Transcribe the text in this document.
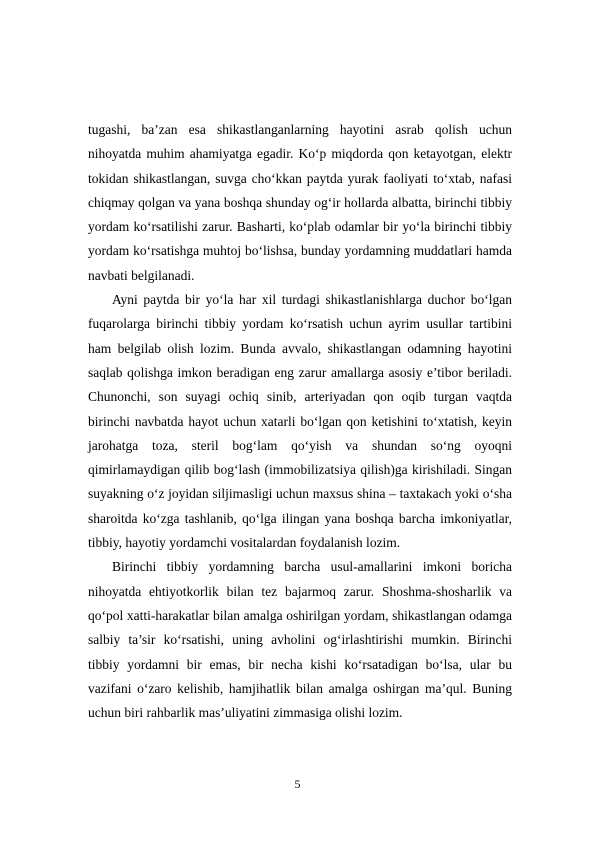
tugashi, ba’zan esa shikastlanganlarning hayotini asrab qolish uchun nihoyatda muhim ahamiyatga egadir. Ko‘p miqdorda qon ketayotgan, elektr tokidan shikastlangan, suvga cho‘kkan paytda yurak faoliyati to‘xtab, nafasi chiqmay qolgan va yana boshqa shunday og‘ir hollarda albatta, birinchi tibbiy yordam ko‘rsatilishi zarur. Basharti, ko‘plab odamlar bir yo‘la birinchi tibbiy yordam ko‘rsatishga muhtoj bo‘lishsa, bunday yordamning muddatlari hamda navbati belgilanadi.

Ayni paytda bir yo‘la har xil turdagi shikastlanishlarga duchor bo‘lgan fuqarolarga birinchi tibbiy yordam ko‘rsatish uchun ayrim usullar tartibini ham belgilab olish lozim. Bunda avvalo, shikastlangan odamning hayotini saqlab qolishga imkon beradigan eng zarur amallarga asosiy e’tibor beriladi. Chunonchi, son suyagi ochiq sinib, arteriyadan qon oqib turgan vaqtda birinchi navbatda hayot uchun xatarli bo‘lgan qon ketishini to‘xtatish, keyin jarohatga toza, steril bog‘lam qo‘yish va shundan so‘ng oyoqni qimirlamaydigan qilib bog‘lash (immobilizatsiya qilish)ga kirishiladi. Singan suyakning o‘z joyidan siljimasligi uchun maxsus shina – taxtakach yoki o‘sha sharoitda ko‘zga tashlanib, qo‘lga ilingan yana boshqa barcha imkoniyatlar, tibbiy, hayotiy yordamchi vositalardan foydalanish lozim.

Birinchi tibbiy yordamning barcha usul-amallarini imkoni boricha nihoyatda ehtiyotkorlik bilan tez bajarmoq zarur. Shoshma-shosharlik va qo‘pol xatti-harakatlar bilan amalga oshirilgan yordam, shikastlangan odamga salbiy ta’sir ko‘rsatishi, uning avholini og‘irlashtirishi mumkin. Birinchi tibbiy yordamni bir emas, bir necha kishi ko‘rsatadigan bo‘lsa, ular bu vazifani o‘zaro kelishib, hamjihatlik bilan amalga oshirgan ma’qul. Buning uchun biri rahbarlik mas’uliyatini zimmasiga olishi lozim.

5
